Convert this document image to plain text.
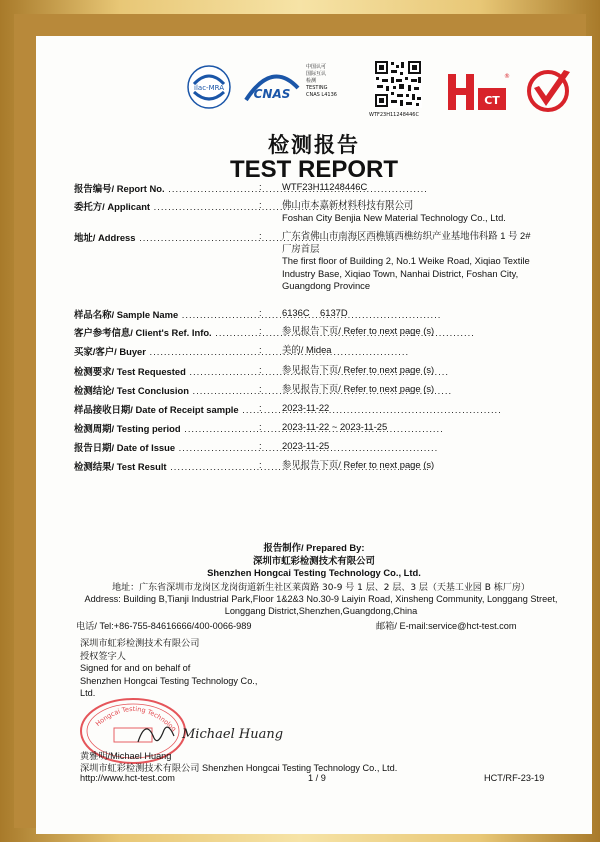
ilac-MRA CNAS
中国认可
国际互认
检测
TESTING
CNAS L4136
WTF23H11248446C
CT
®
检测报告
TEST REPORT
报告编号/ Report No. .....	: WTF23H11248446C
委托方/ Applicant .....	: 佛山市本嘉新材料科技有限公司
Foshan City Benjia New Material Technology Co., Ltd.
地址/ Address .....	: 广东省佛山市南海区西樵镇西樵纺织产业基地伟科路 1 号 2#
厂房首层
The first floor of Building 2, No.1 Weike Road, Xiqiao Textile Industry Base, Xiqiao Town, Nanhai District, Foshan City, Guangdong Province
样品名称/ Sample Name .....	: 6136C    6137D
客户参考信息/ Client's Ref. Info. .....	: 参见报告下页/ Refer to next page (s)
买家/客户/ Buyer .....	: 美的/ Midea
检测要求/ Test Requested .....	: 参见报告下页/ Refer to next page (s)
检测结论/ Test Conclusion .....	: 参见报告下页/ Refer to next page (s)
样品接收日期/ Date of Receipt sample .....	: 2023-11-22
检测周期/ Testing period .....	: 2023-11-22 ~ 2023-11-25
报告日期/ Date of Issue .....	: 2023-11-25
检测结果/ Test Result .....	: 参见报告下页/ Refer to next page (s)
报告制作/ Prepared By:
深圳市虹彩检测技术有限公司
Shenzhen Hongcai Testing Technology Co., Ltd.
地址：广东省深圳市龙岗区龙岗街道新生社区莱茵路 30-9 号 1 层、2 层、3 层（天基工业园 B 栋厂房）
Address: Building B,Tianji Industrial Park,Floor 1&2&3 No.30-9 Laiyin Road, Xinsheng Community, Longgang Street, Longgang District,Shenzhen,Guangdong,China
电话/ Tel:+86-755-84616666/400-0066-989	邮箱/ E-mail:service@hct-test.com
深圳市虹彩检测技术有限公司
授权签字人
Signed for and on behalf of
Shenzhen Hongcai Testing Technology Co.,
Ltd.
Hongcai Testing Technolog Michael Huang
黄雅明/Michael Huang
深圳市虹彩检测技术有限公司 Shenzhen Hongcai Testing Technology Co., Ltd.
http://www.hct-test.com	1 / 9	HCT/RF-23-19
